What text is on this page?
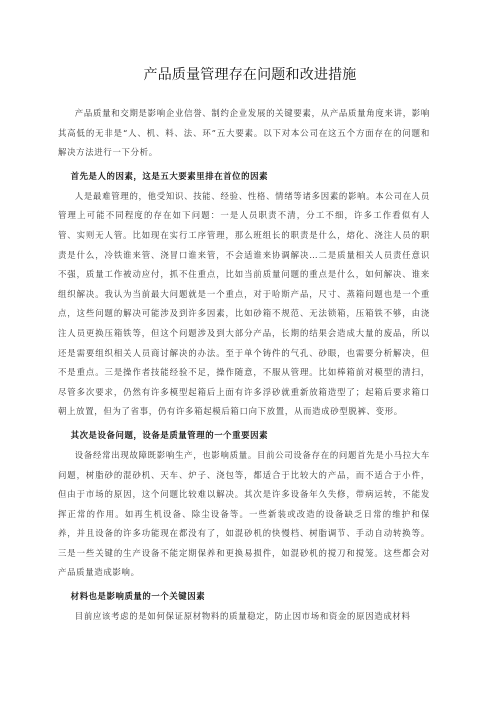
产品质量管理存在问题和改进措施

产品质量和交期是影响企业信誉、制约企业发展的关键要素，从产品质量角度来讲，影响其高低的无非是“人、机、料、法、环”五大要素。以下对本公司在这五个方面存在的问题和解决方法进行一下分析。

首先是人的因素，这是五大要素里排在首位的因素

人是最难管理的，他受知识、技能、经验、性格、情绪等诸多因素的影响。本公司在人员管理上可能不同程度的存在如下问题：一是人员职责不清，分工不细，许多工作看似有人管、实则无人管。比如现在实行工序管理，那么班组长的职责是什么，熔化、浇注人员的职责是什么，冷铁谁来管、浇冒口谁来管，不会适谁来协调解决…二是质量相关人员责任意识不强，质量工作被动应付，抓不住重点，比如当前质量问题的重点是什么，如何解决、谁来组织解决。我认为当前最大问题就是一个重点，对于哈斯产品，尺寸、蒸箱问题也是一个重点，这些问题的解决可能涉及到许多因素，比如砂箱不规范、无法锁箱，压箱铁不够，由浇注人员更换压箱铁等，但这个问题涉及到大部分产品，长期的结果会造成大量的废品，所以还是需要组织相关人员商讨解决的办法。至于单个铸件的气孔、砂眼，也需要分析解决，但不是重点。三是操作者技能经验不足，操作随意，不服从管理。比如棒箱前对模型的清扫，尽管多次要求，仍然有许多模型起箱后上面有许多浮砂就重新放箱造型了；起箱后要求箱口朝上放置，但为了省事，仍有许多箱起模后箱口向下放置，从而造成砂型脱裤、变形。

其次是设备问题，设备是质量管理的一个重要因素

设备经常出现故障既影响生产，也影响质量。目前公司设备存在的问题首先是小马拉大车问题，树脂砂的混砂机、天车、炉子、浇包等，都适合于比较大的产品，而不适合于小件，但由于市场的原因，这个问题比较难以解决。其次是许多设备年久失修，带病运转，不能发挥正常的作用。如再生机设备、除尘设备等。一些新装或改造的设备缺乏日常的维护和保养，并且设备的许多功能现在都没有了，如混砂机的快慢档、树脂调节、手动自动转换等。三是一些关键的生产设备不能定期保养和更换易损件，如混砂机的搅刀和搅笼。这些都会对产品质量造成影响。

材料也是影响质量的一个关键因素

目前应该考虑的是如何保证原材物料的质量稳定，防止因市场和资金的原因造成材料
